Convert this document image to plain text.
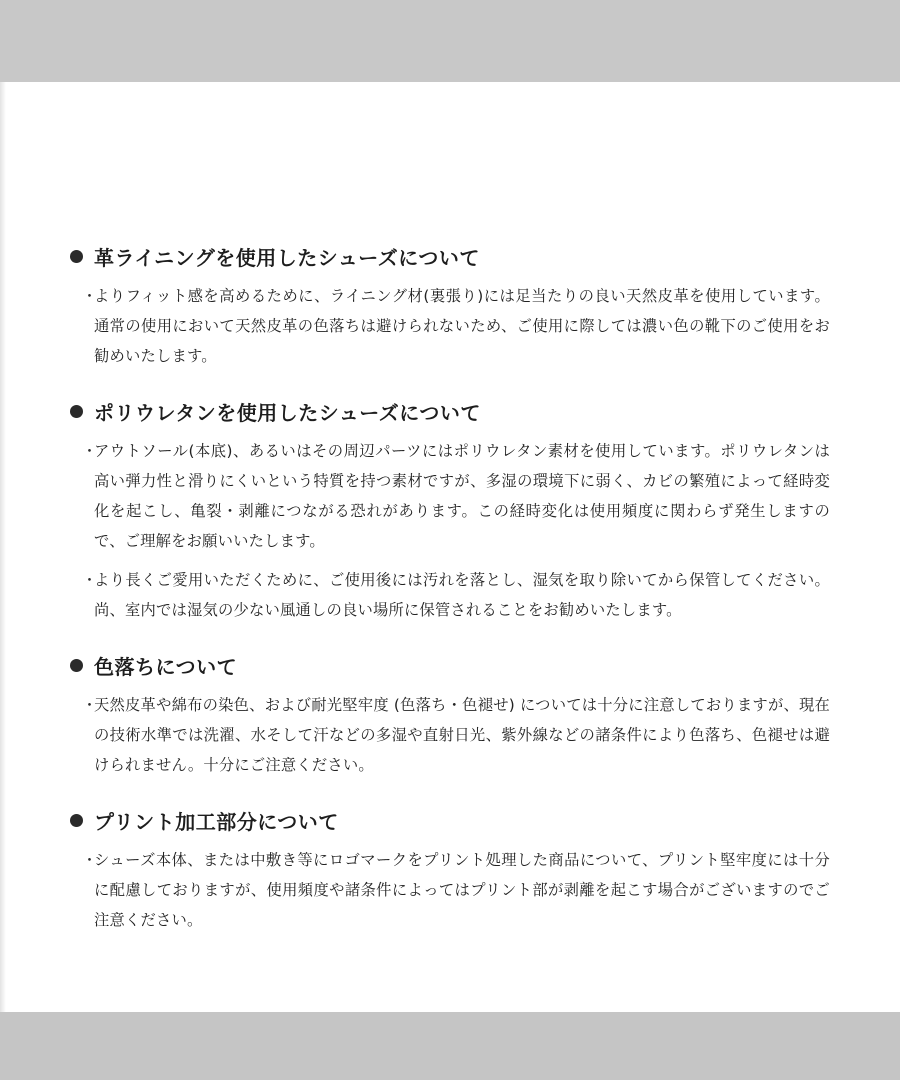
革ライニングを使用したシューズについて
・
よりフィット感を高めるために、ライニング材(裏張り)には足当たりの良い天然皮革を使用しています。通常の使用において天然皮革の色落ちは避けられないため、ご使用に際しては濃い色の靴下のご使用をお勧めいたします。
ポリウレタンを使用したシューズについて
・
アウトソール(本底)、あるいはその周辺パーツにはポリウレタン素材を使用しています。ポリウレタンは高い弾力性と滑りにくいという特質を持つ素材ですが、多湿の環境下に弱く、カビの繁殖によって経時変化を起こし、亀裂・剥離につながる恐れがあります。この経時変化は使用頻度に関わらず発生しますので、ご理解をお願いいたします。
・
より長くご愛用いただくために、ご使用後には汚れを落とし、湿気を取り除いてから保管してください。尚、室内では湿気の少ない風通しの良い場所に保管されることをお勧めいたします。
色落ちについて
・
天然皮革や綿布の染色、および耐光堅牢度 (色落ち・色褪せ) については十分に注意しておりますが、現在の技術水準では洗濯、水そして汗などの多湿や直射日光、紫外線などの諸条件により色落ち、色褪せは避けられません。十分にご注意ください。
プリント加工部分について
・
シューズ本体、または中敷き等にロゴマークをプリント処理した商品について、プリント堅牢度には十分に配慮しておりますが、使用頻度や諸条件によってはプリント部が剥離を起こす場合がございますのでご注意ください。
